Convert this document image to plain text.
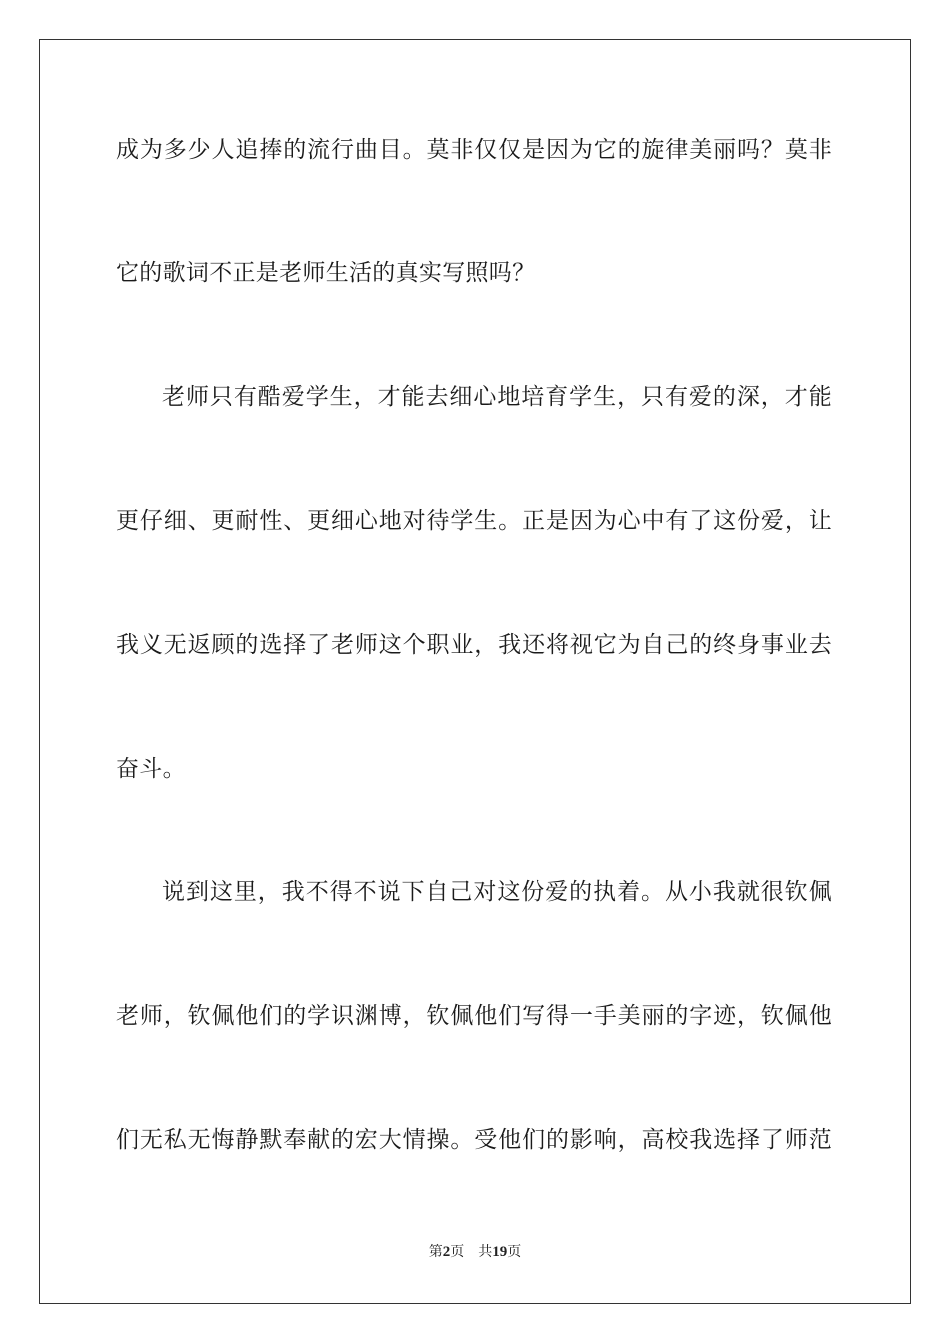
成为多少人追捧的流行曲目。莫非仅仅是因为它的旋律美丽吗？莫非
它的歌词不正是老师生活的真实写照吗？
老师只有酷爱学生，才能去细心地培育学生，只有爱的深，才能
更仔细、更耐性、更细心地对待学生。正是因为心中有了这份爱，让
我义无返顾的选择了老师这个职业，我还将视它为自己的终身事业去
奋斗。
说到这里，我不得不说下自己对这份爱的执着。从小我就很钦佩
老师，钦佩他们的学识渊博，钦佩他们写得一手美丽的字迹，钦佩他
们无私无悔静默奉献的宏大情操。受他们的影响，高校我选择了师范
第2页 共19页
